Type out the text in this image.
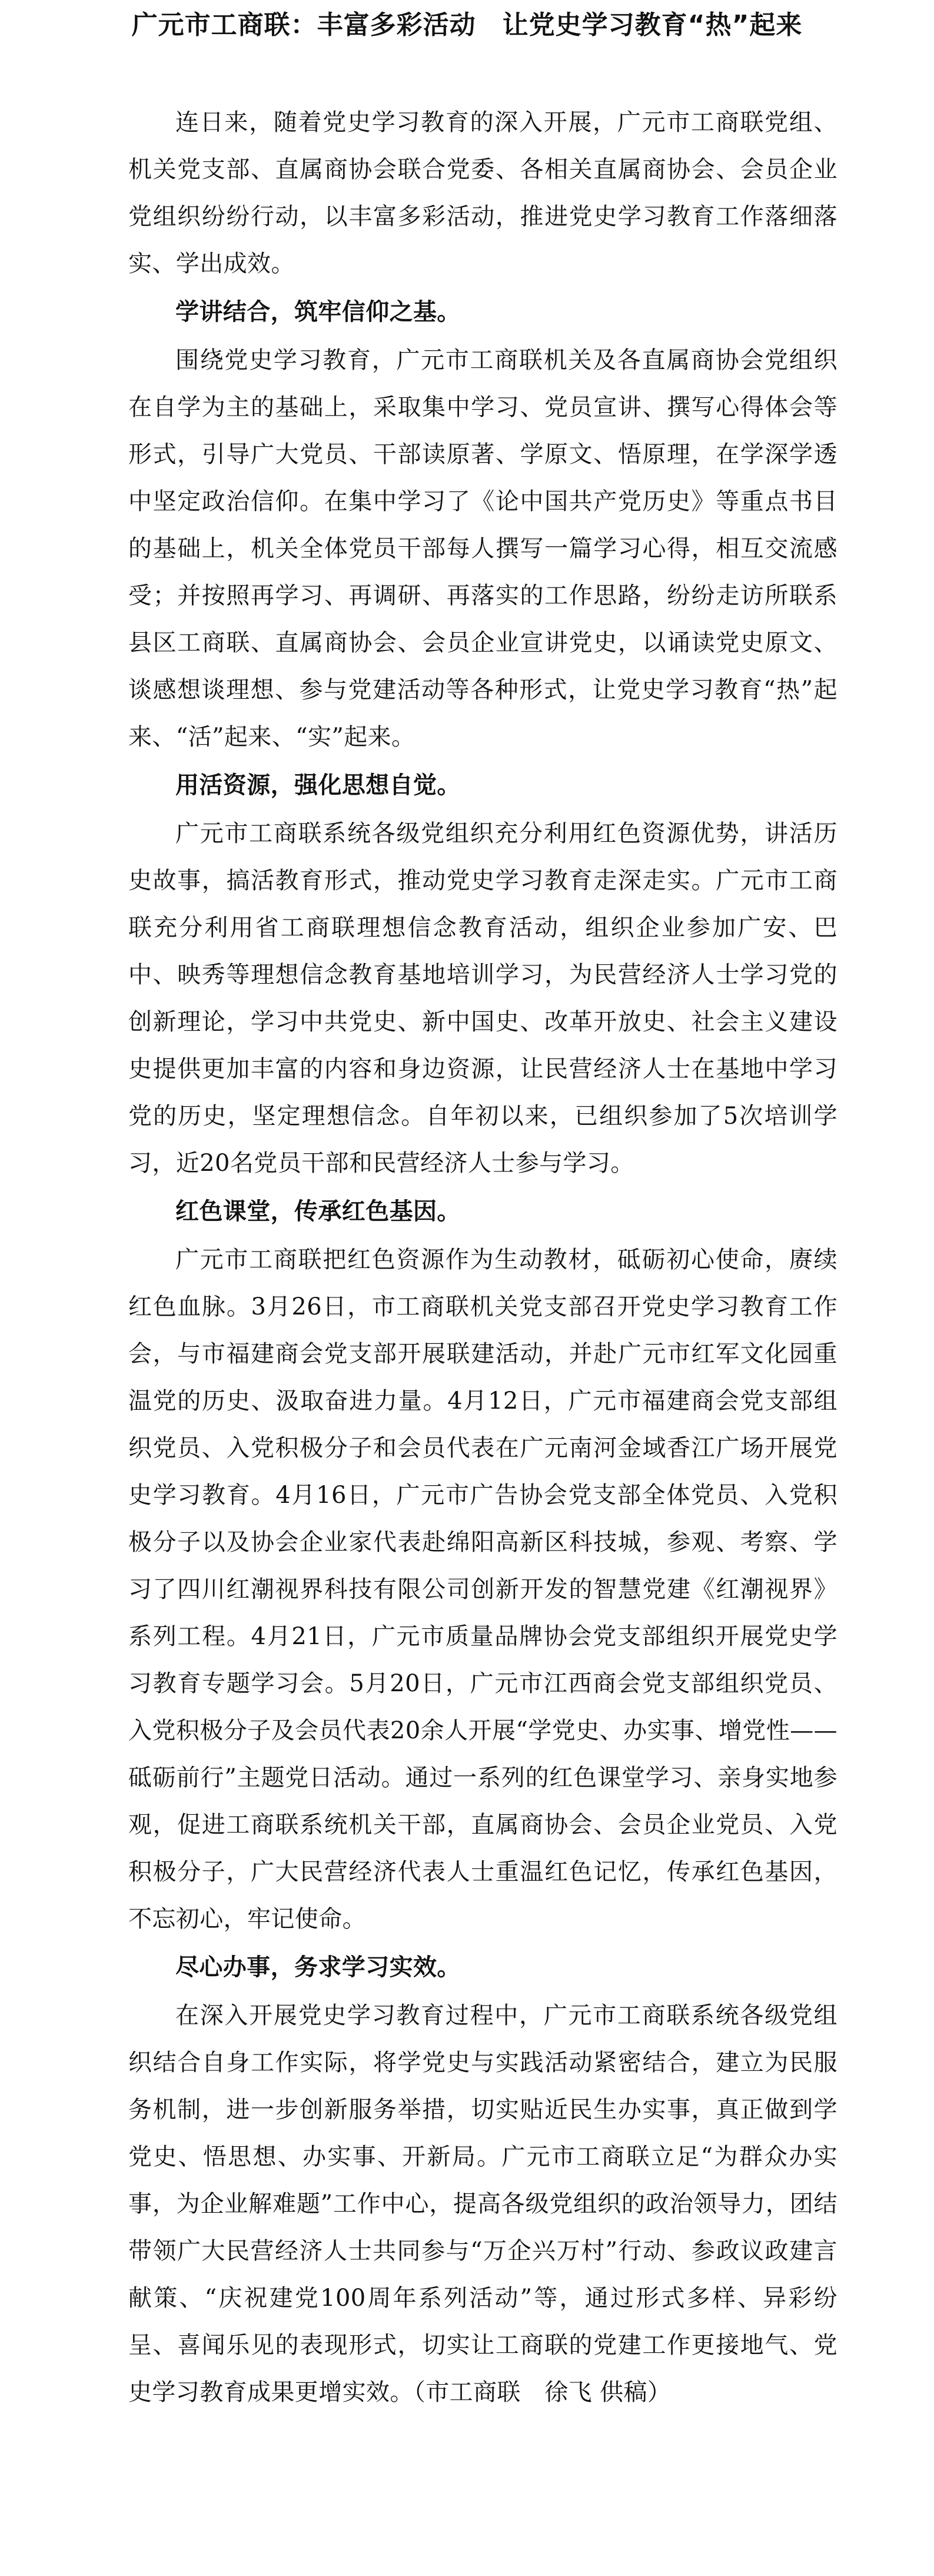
广元市工商联：丰富多彩活动　让党史学习教育“热”起来

连日来，随着党史学习教育的深入开展，广元市工商联党组、机关党支部、直属商协会联合党委、各相关直属商协会、会员企业党组织纷纷行动，以丰富多彩活动，推进党史学习教育工作落细落实、学出成效。

学讲结合，筑牢信仰之基。

围绕党史学习教育，广元市工商联机关及各直属商协会党组织在自学为主的基础上，采取集中学习、党员宣讲、撰写心得体会等形式，引导广大党员、干部读原著、学原文、悟原理，在学深学透中坚定政治信仰。在集中学习了《论中国共产党历史》等重点书目的基础上，机关全体党员干部每人撰写一篇学习心得，相互交流感受；并按照再学习、再调研、再落实的工作思路，纷纷走访所联系县区工商联、直属商协会、会员企业宣讲党史，以诵读党史原文、谈感想谈理想、参与党建活动等各种形式，让党史学习教育“热”起来、“活”起来、“实”起来。

用活资源，强化思想自觉。

广元市工商联系统各级党组织充分利用红色资源优势，讲活历史故事，搞活教育形式，推动党史学习教育走深走实。广元市工商联充分利用省工商联理想信念教育活动，组织企业参加广安、巴中、映秀等理想信念教育基地培训学习，为民营经济人士学习党的创新理论，学习中共党史、新中国史、改革开放史、社会主义建设史提供更加丰富的内容和身边资源，让民营经济人士在基地中学习党的历史，坚定理想信念。自年初以来，已组织参加了5次培训学习，近20名党员干部和民营经济人士参与学习。

红色课堂，传承红色基因。

广元市工商联把红色资源作为生动教材，砥砺初心使命，赓续红色血脉。3月26日，市工商联机关党支部召开党史学习教育工作会，与市福建商会党支部开展联建活动，并赴广元市红军文化园重温党的历史、汲取奋进力量。4月12日，广元市福建商会党支部组织党员、入党积极分子和会员代表在广元南河金域香江广场开展党史学习教育。4月16日，广元市广告协会党支部全体党员、入党积极分子以及协会企业家代表赴绵阳高新区科技城，参观、考察、学习了四川红潮视界科技有限公司创新开发的智慧党建《红潮视界》系列工程。4月21日，广元市质量品牌协会党支部组织开展党史学习教育专题学习会。5月20日，广元市江西商会党支部组织党员、入党积极分子及会员代表20余人开展“学党史、办实事、增党性——砥砺前行”主题党日活动。通过一系列的红色课堂学习、亲身实地参观，促进工商联系统机关干部，直属商协会、会员企业党员、入党积极分子，广大民营经济代表人士重温红色记忆，传承红色基因，不忘初心，牢记使命。

尽心办事，务求学习实效。

在深入开展党史学习教育过程中，广元市工商联系统各级党组织结合自身工作实际，将学党史与实践活动紧密结合，建立为民服务机制，进一步创新服务举措，切实贴近民生办实事，真正做到学党史、悟思想、办实事、开新局。广元市工商联立足“为群众办实事，为企业解难题”工作中心，提高各级党组织的政治领导力，团结带领广大民营经济人士共同参与“万企兴万村”行动、参政议政建言献策、“庆祝建党100周年系列活动”等，通过形式多样、异彩纷呈、喜闻乐见的表现形式，切实让工商联的党建工作更接地气、党史学习教育成果更增实效。（市工商联　徐飞 供稿）
